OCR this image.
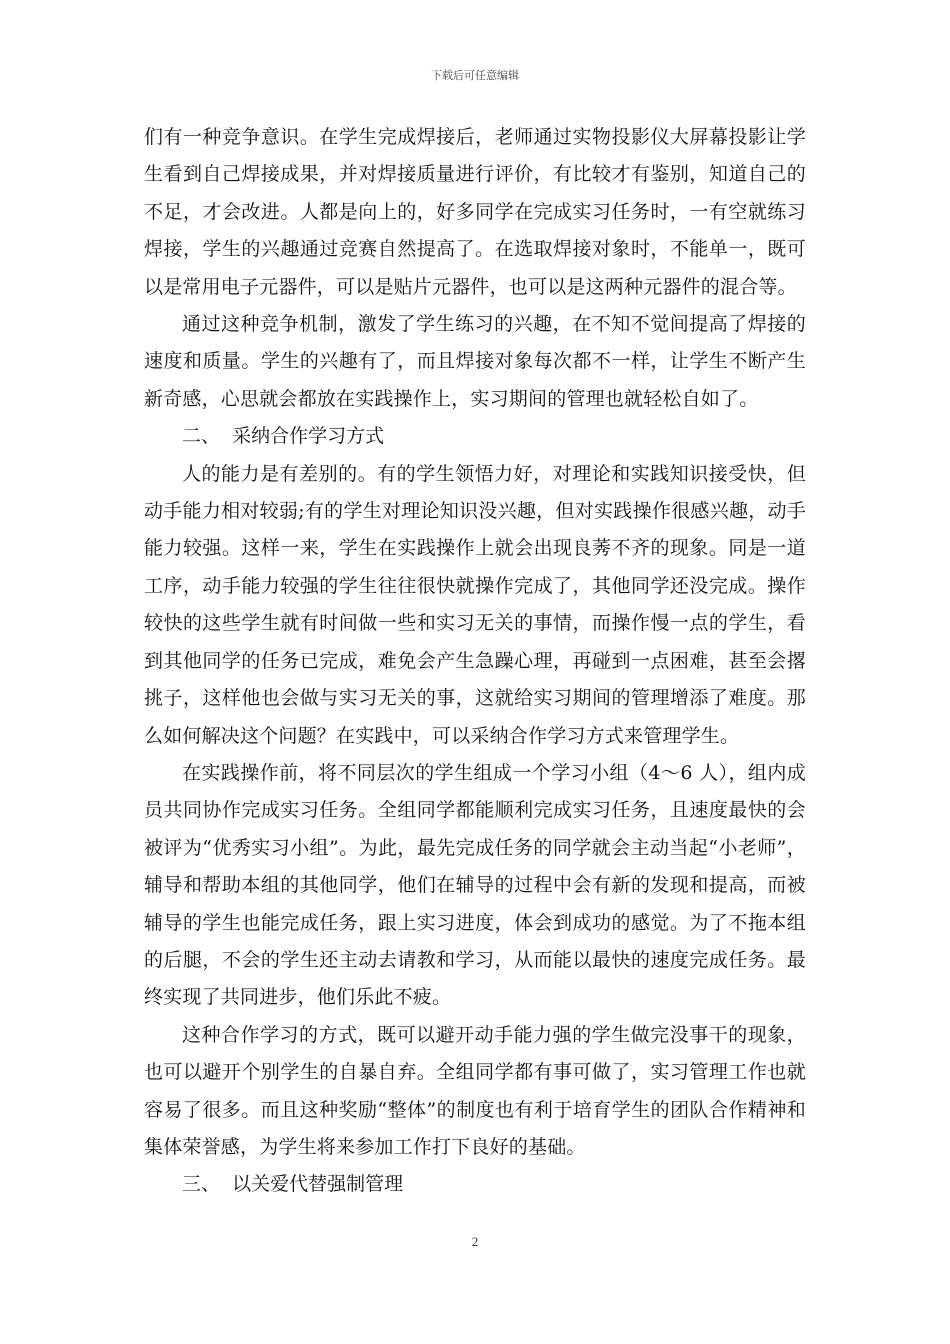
下载后可任意编辑

们有一种竞争意识。在学生完成焊接后，老师通过实物投影仪大屏幕投影让学生看到自己焊接成果，并对焊接质量进行评价，有比较才有鉴别，知道自己的不足，才会改进。人都是向上的，好多同学在完成实习任务时，一有空就练习焊接，学生的兴趣通过竞赛自然提高了。在选取焊接对象时，不能单一，既可以是常用电子元器件，可以是贴片元器件，也可以是这两种元器件的混合等。

通过这种竞争机制，激发了学生练习的兴趣，在不知不觉间提高了焊接的速度和质量。学生的兴趣有了，而且焊接对象每次都不一样，让学生不断产生新奇感，心思就会都放在实践操作上，实习期间的管理也就轻松自如了。

二、  采纳合作学习方式

人的能力是有差别的。有的学生领悟力好，对理论和实践知识接受快，但动手能力相对较弱;有的学生对理论知识没兴趣，但对实践操作很感兴趣，动手能力较强。这样一来，学生在实践操作上就会出现良莠不齐的现象。同是一道工序，动手能力较强的学生往往很快就操作完成了，其他同学还没完成。操作较快的这些学生就有时间做一些和实习无关的事情，而操作慢一点的学生，看到其他同学的任务已完成，难免会产生急躁心理，再碰到一点困难，甚至会撂挑子，这样他也会做与实习无关的事，这就给实习期间的管理增添了难度。那么如何解决这个问题？在实践中，可以采纳合作学习方式来管理学生。

在实践操作前，将不同层次的学生组成一个学习小组（4～6 人），组内成员共同协作完成实习任务。全组同学都能顺利完成实习任务，且速度最快的会被评为“优秀实习小组”。为此，最先完成任务的同学就会主动当起“小老师”，辅导和帮助本组的其他同学，他们在辅导的过程中会有新的发现和提高，而被辅导的学生也能完成任务，跟上实习进度，体会到成功的感觉。为了不拖本组的后腿，不会的学生还主动去请教和学习，从而能以最快的速度完成任务。最终实现了共同进步，他们乐此不疲。

这种合作学习的方式，既可以避开动手能力强的学生做完没事干的现象，也可以避开个别学生的自暴自弃。全组同学都有事可做了，实习管理工作也就容易了很多。而且这种奖励“整体”的制度也有利于培育学生的团队合作精神和集体荣誉感，为学生将来参加工作打下良好的基础。

三、  以关爱代替强制管理

2
